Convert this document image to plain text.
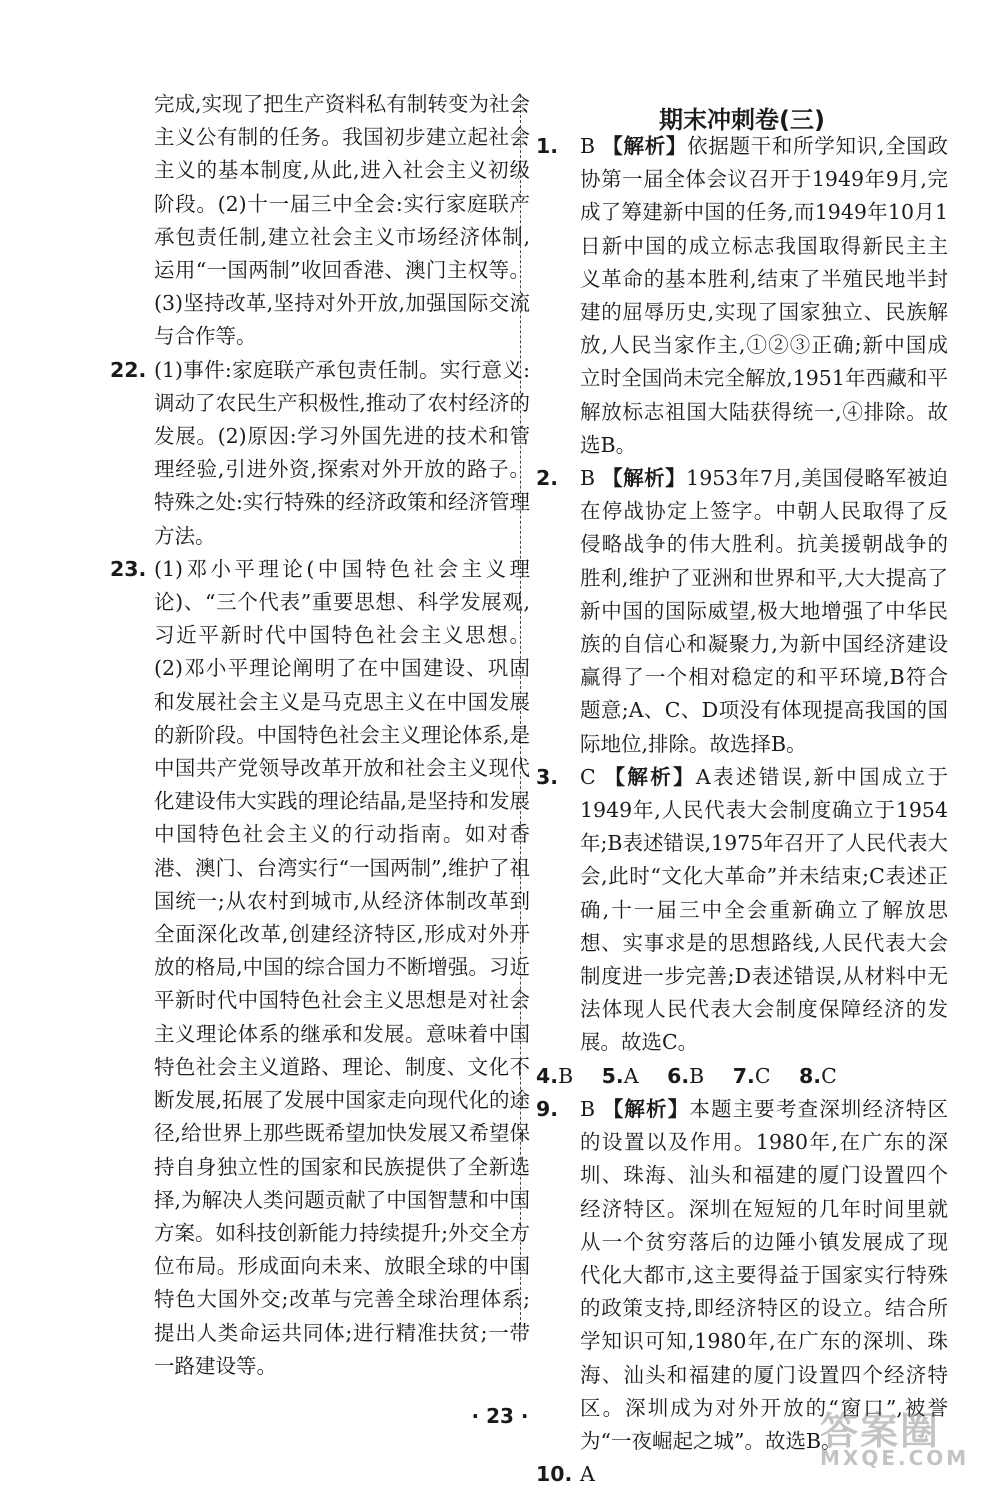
完成,实现了把生产资料私有制转变为社会主义公有制的任务。我国初步建立起社会主义的基本制度,从此,进入社会主义初级阶段。(2)十一届三中全会:实行家庭联产承包责任制,建立社会主义市场经济体制,运用“一国两制”收回香港、澳门主权等。(3)坚持改革,坚持对外开放,加强国际交流与合作等。

22. (1)事件:家庭联产承包责任制。实行意义:调动了农民生产积极性,推动了农村经济的发展。(2)原因:学习外国先进的技术和管理经验,引进外资,探索对外开放的路子。特殊之处:实行特殊的经济政策和经济管理方法。

23. (1)邓小平理论(中国特色社会主义理论)、“三个代表”重要思想、科学发展观,习近平新时代中国特色社会主义思想。(2)邓小平理论阐明了在中国建设、巩固和发展社会主义是马克思主义在中国发展的新阶段。中国特色社会主义理论体系,是中国共产党领导改革开放和社会主义现代化建设伟大实践的理论结晶,是坚持和发展中国特色社会主义的行动指南。如对香港、澳门、台湾实行“一国两制”,维护了祖国统一;从农村到城市,从经济体制改革到全面深化改革,创建经济特区,形成对外开放的格局,中国的综合国力不断增强。习近平新时代中国特色社会主义思想是对社会主义理论体系的继承和发展。意味着中国特色社会主义道路、理论、制度、文化不断发展,拓展了发展中国家走向现代化的途径,给世界上那些既希望加快发展又希望保持自身独立性的国家和民族提供了全新选择,为解决人类问题贡献了中国智慧和中国方案。如科技创新能力持续提升;外交全方位布局。形成面向未来、放眼全球的中国特色大国外交;改革与完善全球治理体系;提出人类命运共同体;进行精准扶贫;一带一路建设等。

期末冲刺卷(三)
1. B 【解析】依据题干和所学知识,全国政协第一届全体会议召开于1949年9月,完成了筹建新中国的任务,而1949年10月1日新中国的成立标志我国取得新民主主义革命的基本胜利,结束了半殖民地半封建的屈辱历史,实现了国家独立、民族解放,人民当家作主,①②③正确;新中国成立时全国尚未完全解放,1951年西藏和平解放标志祖国大陆获得统一,④排除。故选B。

2. B 【解析】1953年7月,美国侵略军被迫在停战协定上签字。中朝人民取得了反侵略战争的伟大胜利。抗美援朝战争的胜利,维护了亚洲和世界和平,大大提高了新中国的国际威望,极大地增强了中华民族的自信心和凝聚力,为新中国经济建设赢得了一个相对稳定的和平环境,B符合题意;A、C、D项没有体现提高我国的国际地位,排除。故选择B。

3. C 【解析】A表述错误,新中国成立于1949年,人民代表大会制度确立于1954年;B表述错误,1975年召开了人民代表大会,此时“文化大革命”并未结束;C表述正确,十一届三中全会重新确立了解放思想、实事求是的思想路线,人民代表大会制度进一步完善;D表述错误,从材料中无法体现人民代表大会制度保障经济的发展。故选C。

4.B 5.A 6.B 7.C 8.C
9. B 【解析】本题主要考查深圳经济特区的设置以及作用。1980年,在广东的深圳、珠海、汕头和福建的厦门设置四个经济特区。深圳在短短的几年时间里就从一个贫穷落后的边陲小镇发展成了现代化大都市,这主要得益于国家实行特殊的政策支持,即经济特区的设立。结合所学知识可知,1980年,在广东的深圳、珠海、汕头和福建的厦门设置四个经济特区。深圳成为对外开放的“窗口”,被誉为“一夜崛起之城”。故选B。

10. A

· 23 ·	答案圈
MXQE.COM
